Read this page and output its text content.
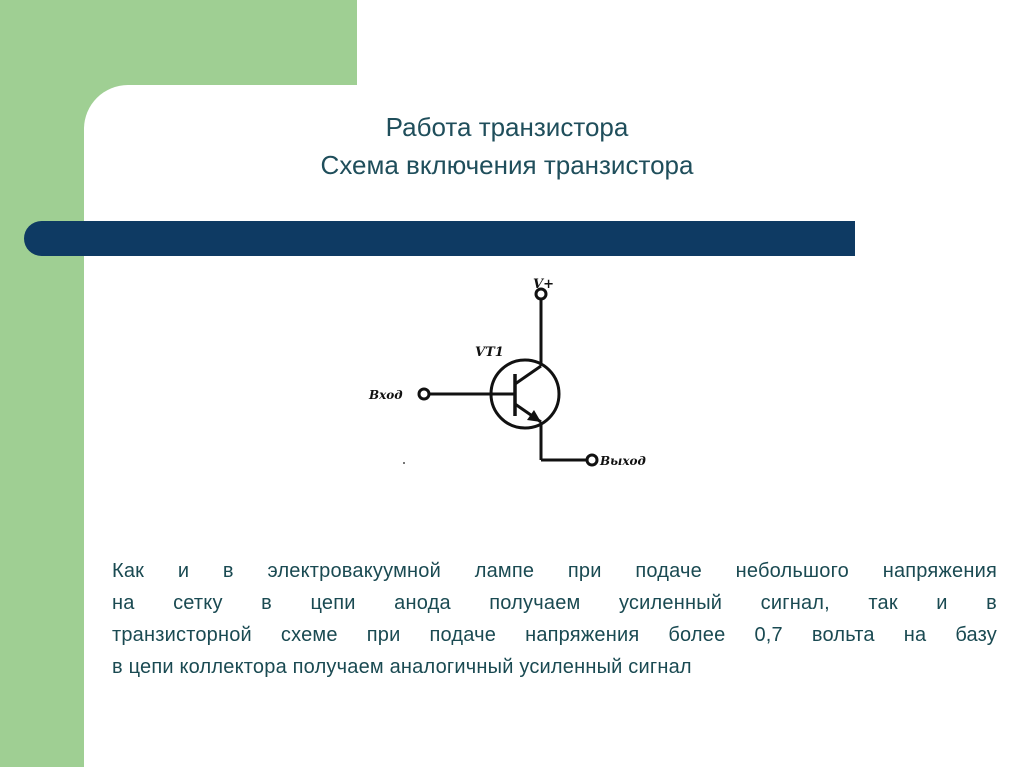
Работа транзистора
Схема включения транзистора
V+
VT1
Вход
Выход
Как и в электровакуумной лампе при подаче небольшого напряжения
на сетку в цепи анода получаем усиленный сигнал, так и в
транзисторной схеме при подаче напряжения более 0,7 вольта на базу
в цепи коллектора получаем аналогичный усиленный сигнал
